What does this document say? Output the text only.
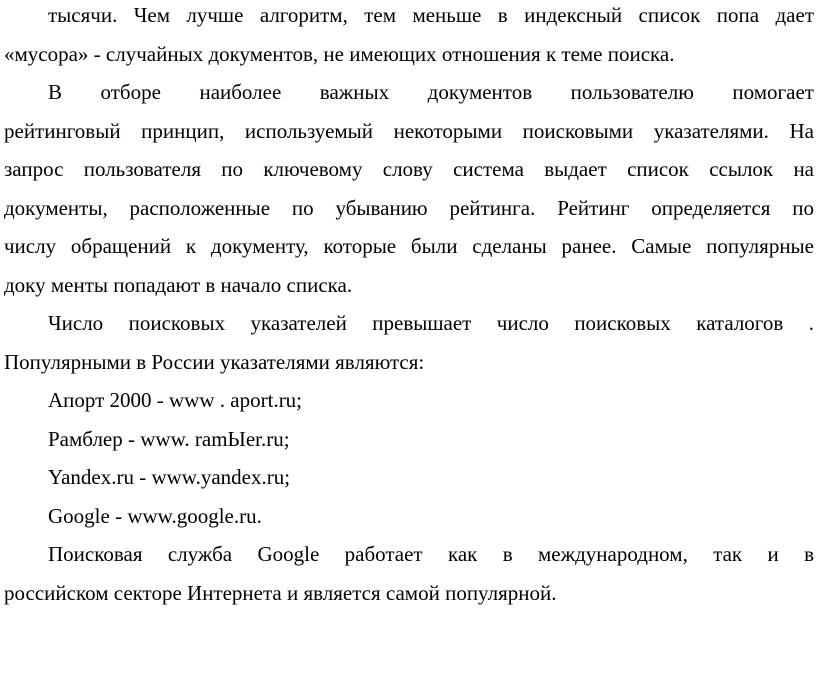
тысячи. Чем лучше алгоритм, тем меньше в индексный список попа дает
«мусора» - случайных документов, не имеющих отношения к теме поиска.
В отборе наиболее важных документов пользователю помогает
рейтинговый принцип, используемый некоторыми поисковыми указателями. На
запрос пользователя по ключевому слову система выдает список ссылок на
документы, расположенные по убыванию рейтинга. Рейтинг определяется по
числу обращений к документу, которые были сделаны ранее. Самые популярные
доку менты попадают в начало списка.
Число поисковых указателей превышает число поисковых каталогов .
Популярными в России указателями являются:
Апорт 2000 - www . aport.ru;
Рамблер - www. ramЫer.ru;
Yandex.ru - www.yandex.ru;
Google - www.google.ru.
Поисковая служба Google работает как в международном, так и в
российском секторе Интернета и является самой популярной.
